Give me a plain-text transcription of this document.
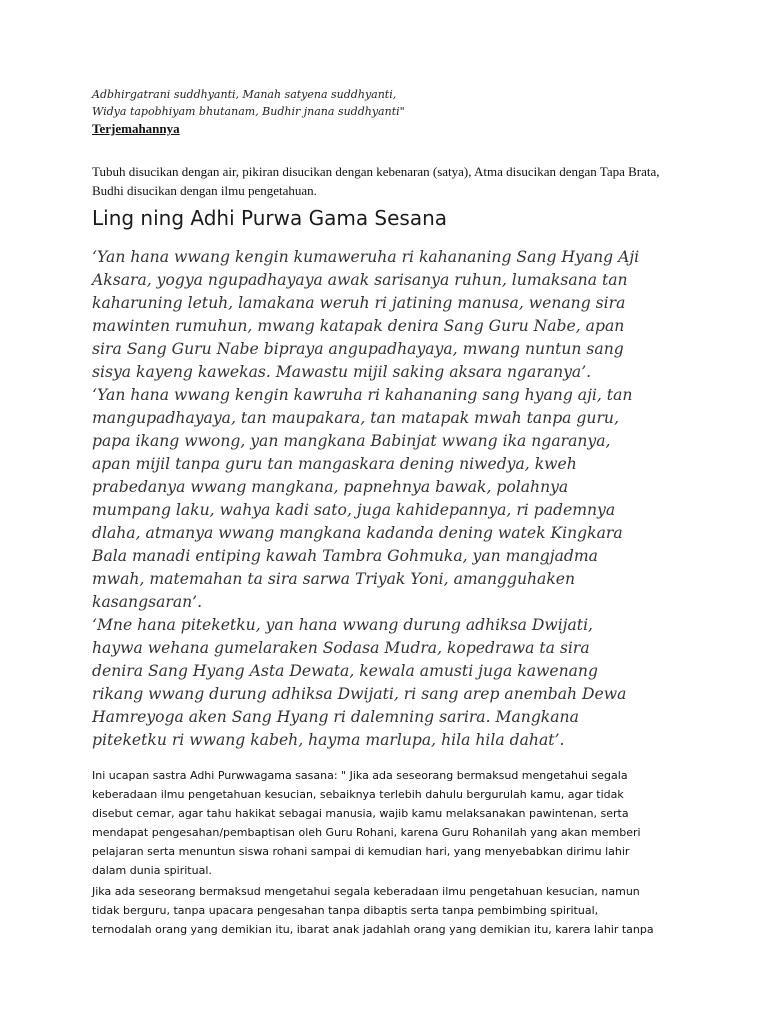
Adbhirgatrani suddhyanti, Manah satyena suddhyanti,
Widya tapobhiyam bhutanam, Budhir jnana suddhyanti"
Terjemahannya
Tubuh disucikan dengan air, pikiran disucikan dengan kebenaran (satya), Atma disucikan dengan Tapa Brata, Budhi disucikan dengan ilmu pengetahuan.
Ling ning Adhi Purwa Gama Sesana
‘Yan hana wwang kengin kumaweruha ri kahananing Sang Hyang Aji
Aksara, yogya ngupadhayaya awak sarisanya ruhun, lumaksana tan
kaharuning letuh, lamakana weruh ri jatining manusa, wenang sira
mawinten rumuhun, mwang katapak denira Sang Guru Nabe, apan
sira Sang Guru Nabe bipraya angupadhayaya, mwang nuntun sang
sisya kayeng kawekas. Mawastu mijil saking aksara ngaranya’.
‘Yan hana wwang kengin kawruha ri kahananing sang hyang aji, tan
mangupadhayaya, tan maupakara, tan matapak mwah tanpa guru,
papa ikang wwong, yan mangkana Babinjat wwang ika ngaranya,
apan mijil tanpa guru tan mangaskara dening niwedya, kweh
prabedanya wwang mangkana, papnehnya bawak, polahnya
mumpang laku, wahya kadi sato, juga kahidepannya, ri pademnya
dlaha, atmanya wwang mangkana kadanda dening watek Kingkara
Bala manadi entiping kawah Tambra Gohmuka, yan mangjadma
mwah, matemahan ta sira sarwa Triyak Yoni, amangguhaken
kasangsaran’.
‘Mne hana piteketku, yan hana wwang durung adhiksa Dwijati,
haywa wehana gumelaraken Sodasa Mudra, kopedrawa ta sira
denira Sang Hyang Asta Dewata, kewala amusti juga kawenang
rikang wwang durung adhiksa Dwijati, ri sang arep anembah Dewa
Hamreyoga aken Sang Hyang ri dalemning sarira. Mangkana
piteketku ri wwang kabeh, hayma marlupa, hila hila dahat’.
Ini ucapan sastra Adhi Purwwagama sasana: " Jika ada seseorang bermaksud mengetahui segala
keberadaan ilmu pengetahuan kesucian, sebaiknya terlebih dahulu bergurulah kamu, agar tidak
disebut cemar, agar tahu hakikat sebagai manusia, wajib kamu melaksanakan pawintenan, serta
mendapat pengesahan/pembaptisan oleh Guru Rohani, karena Guru Rohanilah yang akan memberi
pelajaran serta menuntun siswa rohani sampai di kemudian hari, yang menyebabkan dirimu lahir
dalam dunia spiritual.
Jika ada seseorang bermaksud mengetahui segala keberadaan ilmu pengetahuan kesucian, namun
tidak berguru, tanpa upacara pengesahan tanpa dibaptis serta tanpa pembimbing spiritual,
ternodalah orang yang demikian itu, ibarat anak jadahlah orang yang demikian itu, karera lahir tanpa
